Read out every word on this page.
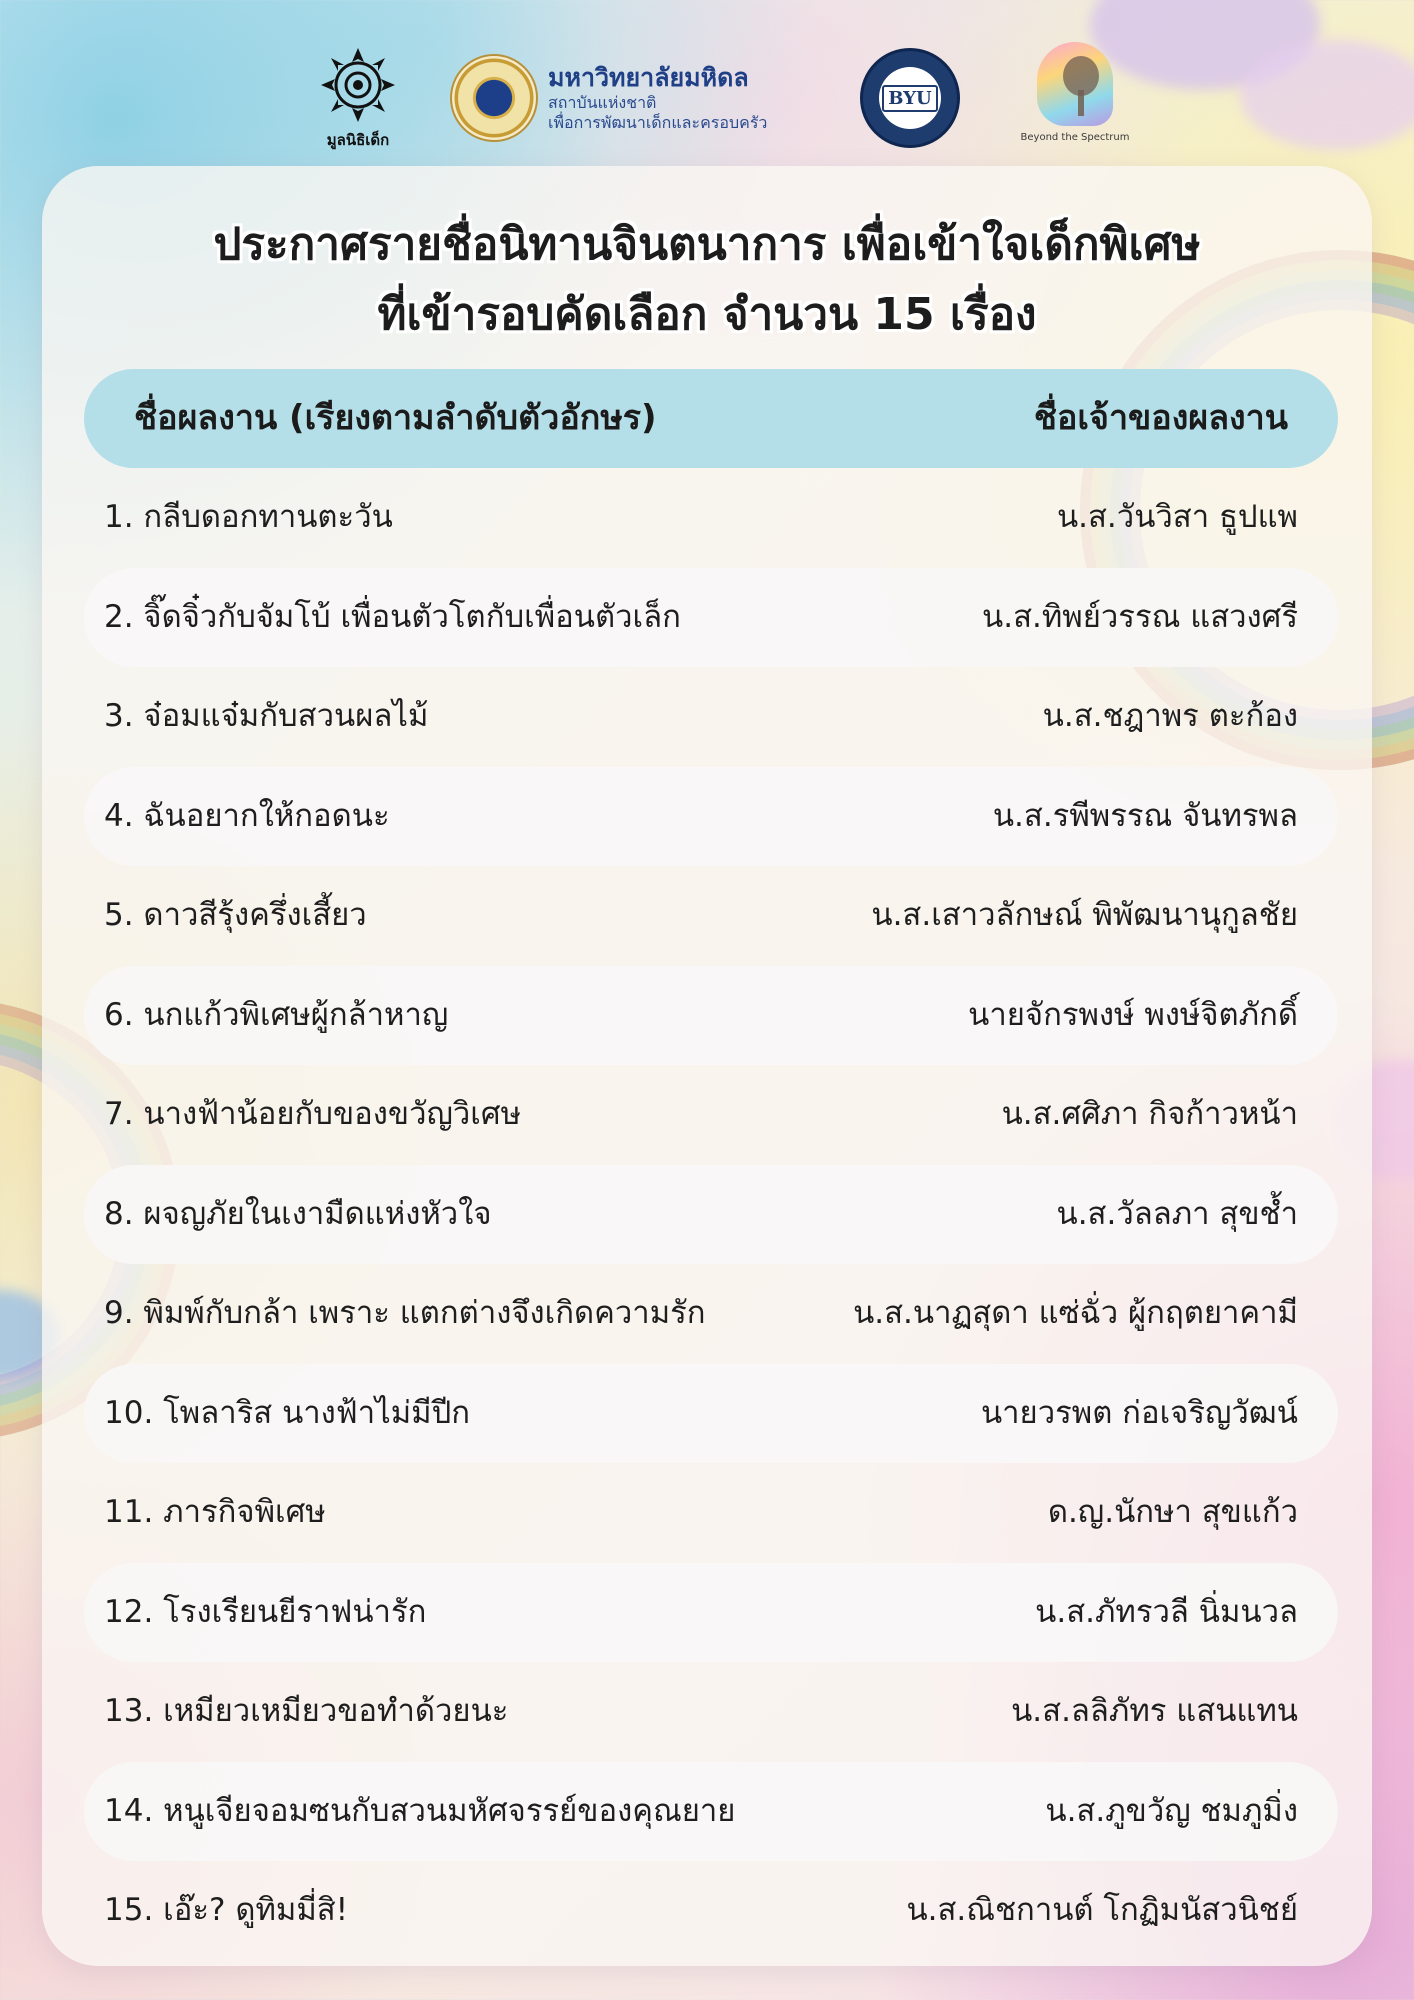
มูลนิธิเด็ก
มหาวิทยาลัยมหิดล
สถาบันแห่งชาติ
เพื่อการพัฒนาเด็กและครอบครัว
BYU
Beyond the Spectrum
ประกาศรายชื่อนิทานจินตนาการ เพื่อเข้าใจเด็กพิเศษ
ที่เข้ารอบคัดเลือก จำนวน 15 เรื่อง
ชื่อผลงาน (เรียงตามลำดับตัวอักษร)	ชื่อเจ้าของผลงาน
1. กลีบดอกทานตะวัน	น.ส.วันวิสา ธูปแพ
2. จิ๊ดจิ๋วกับจัมโบ้ เพื่อนตัวโตกับเพื่อนตัวเล็ก	น.ส.ทิพย์วรรณ แสวงศรี
3. จ๋อมแจ๋มกับสวนผลไม้	น.ส.ชฎาพร ตะก้อง
4. ฉันอยากให้กอดนะ	น.ส.รพีพรรณ จันทรพล
5. ดาวสีรุ้งครึ่งเสี้ยว	น.ส.เสาวลักษณ์ พิพัฒนานุกูลชัย
6. นกแก้วพิเศษผู้กล้าหาญ	นายจักรพงษ์ พงษ์จิตภักดิ์
7. นางฟ้าน้อยกับของขวัญวิเศษ	น.ส.ศศิภา กิจก้าวหน้า
8. ผจญภัยในเงามืดแห่งหัวใจ	น.ส.วัลลภา สุขช้ำ
9. พิมพ์กับกล้า เพราะ แตกต่างจึงเกิดความรัก	น.ส.นาฏสุดา แซ่ฉั่ว ผู้กฤตยาคามี
10. โพลาริส นางฟ้าไม่มีปีก	นายวรพต ก่อเจริญวัฒน์
11. ภารกิจพิเศษ	ด.ญ.นักษา สุขแก้ว
12. โรงเรียนยีราฟน่ารัก	น.ส.ภัทรวลี นิ่มนวล
13. เหมียวเหมียวขอทำด้วยนะ	น.ส.ลลิภัทร แสนแทน
14. หนูเจียจอมซนกับสวนมหัศจรรย์ของคุณยาย	น.ส.ภูขวัญ ชมภูมิ่ง
15. เอ๊ะ? ดูทิมมี่สิ!	น.ส.ณิชกานต์ โกฏิมนัสวนิชย์
